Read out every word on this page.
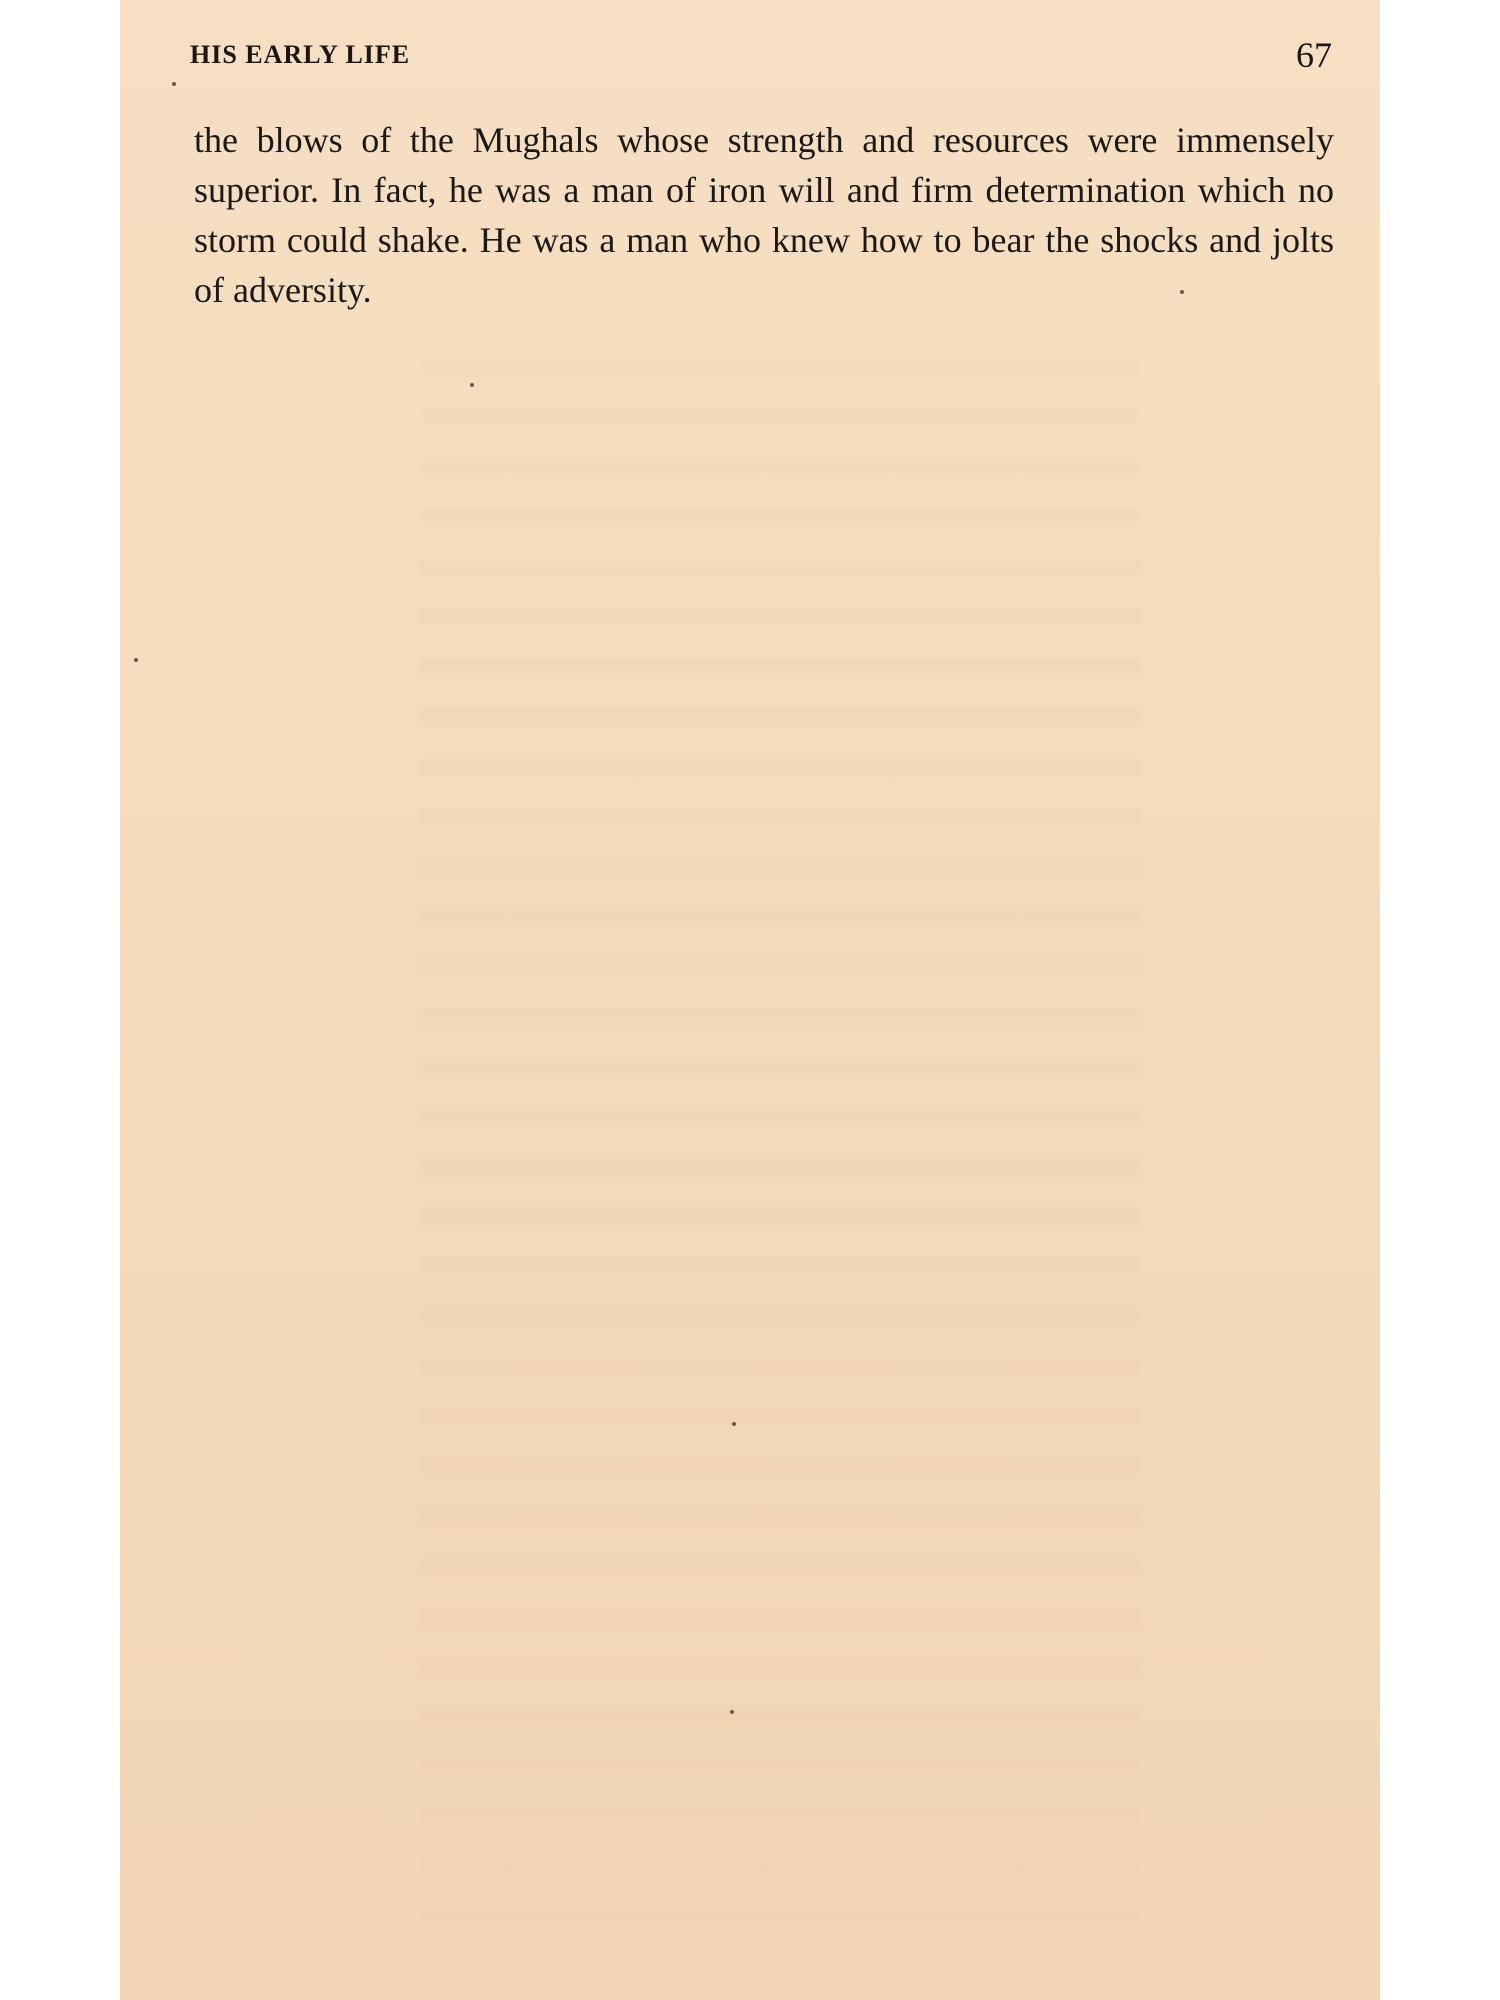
HIS EARLY LIFE	67

the blows of the Mughals whose strength and resources were immensely superior. In fact, he was a man of iron will and firm determination which no storm could shake. He was a man who knew how to bear the shocks and jolts of adversity.
